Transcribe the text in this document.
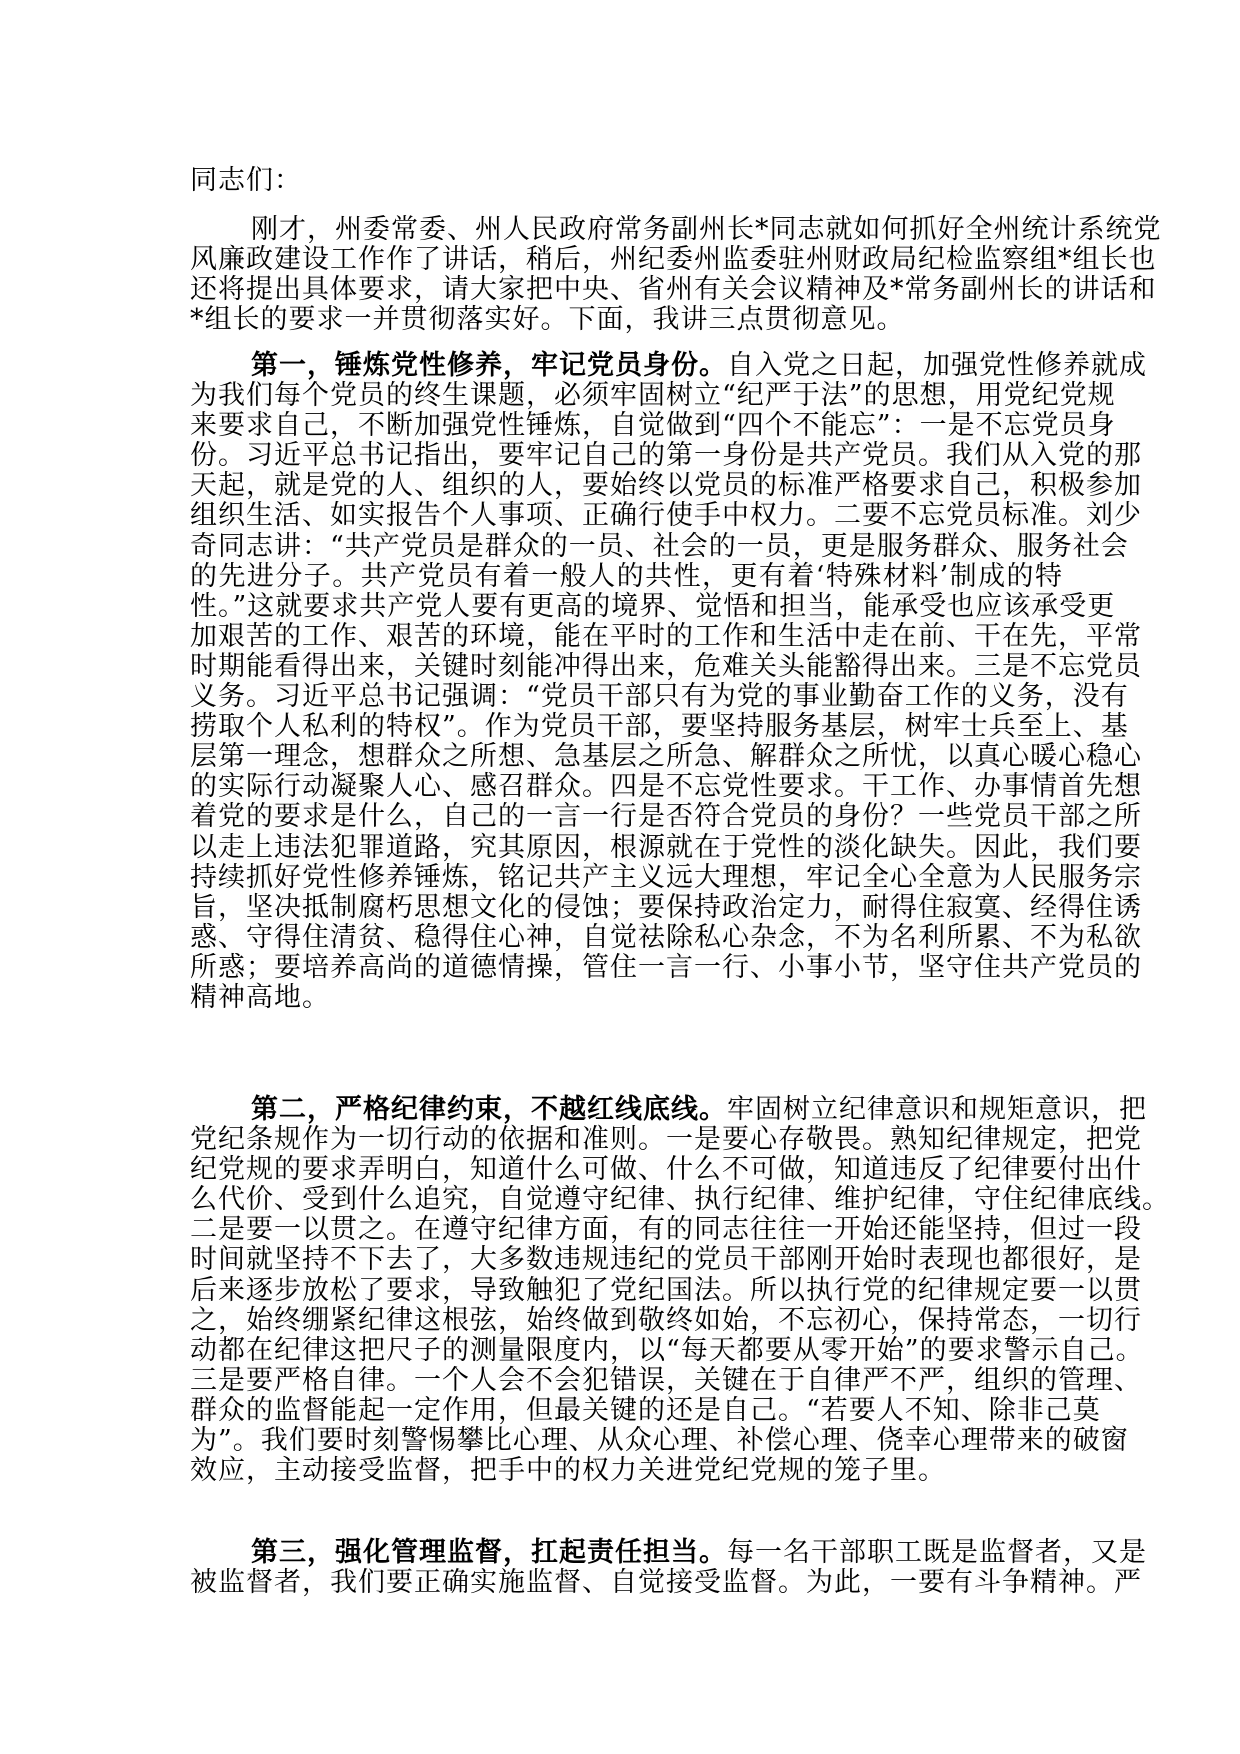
同志们：
刚才，州委常委、州人民政府常务副州长*同志就如何抓好全州统计系统党
风廉政建设工作作了讲话，稍后，州纪委州监委驻州财政局纪检监察组*组长也
还将提出具体要求，请大家把中央、省州有关会议精神及*常务副州长的讲话和
*组长的要求一并贯彻落实好。下面，我讲三点贯彻意见。
第一，锤炼党性修养，牢记党员身份。自入党之日起，加强党性修养就成
为我们每个党员的终生课题，必须牢固树立“纪严于法”的思想，用党纪党规
来要求自己，不断加强党性锤炼，自觉做到“四个不能忘”：一是不忘党员身
份。习近平总书记指出，要牢记自己的第一身份是共产党员。我们从入党的那
天起，就是党的人、组织的人，要始终以党员的标准严格要求自己，积极参加
组织生活、如实报告个人事项、正确行使手中权力。二要不忘党员标准。刘少
奇同志讲：“共产党员是群众的一员、社会的一员，更是服务群众、服务社会
的先进分子。共产党员有着一般人的共性，更有着‘特殊材料’制成的特
性。”这就要求共产党人要有更高的境界、觉悟和担当，能承受也应该承受更
加艰苦的工作、艰苦的环境，能在平时的工作和生活中走在前、干在先，平常
时期能看得出来，关键时刻能冲得出来，危难关头能豁得出来。三是不忘党员
义务。习近平总书记强调：“党员干部只有为党的事业勤奋工作的义务，没有
捞取个人私利的特权”。作为党员干部，要坚持服务基层，树牢士兵至上、基
层第一理念，想群众之所想、急基层之所急、解群众之所忧，以真心暖心稳心
的实际行动凝聚人心、感召群众。四是不忘党性要求。干工作、办事情首先想
着党的要求是什么，自己的一言一行是否符合党员的身份？一些党员干部之所
以走上违法犯罪道路，究其原因，根源就在于党性的淡化缺失。因此，我们要
持续抓好党性修养锤炼，铭记共产主义远大理想，牢记全心全意为人民服务宗
旨，坚决抵制腐朽思想文化的侵蚀；要保持政治定力，耐得住寂寞、经得住诱
惑、守得住清贫、稳得住心神，自觉祛除私心杂念，不为名利所累、不为私欲
所惑；要培养高尚的道德情操，管住一言一行、小事小节，坚守住共产党员的
精神高地。
第二，严格纪律约束，不越红线底线。牢固树立纪律意识和规矩意识，把
党纪条规作为一切行动的依据和准则。一是要心存敬畏。熟知纪律规定，把党
纪党规的要求弄明白，知道什么可做、什么不可做，知道违反了纪律要付出什
么代价、受到什么追究，自觉遵守纪律、执行纪律、维护纪律，守住纪律底线。
二是要一以贯之。在遵守纪律方面，有的同志往往一开始还能坚持，但过一段
时间就坚持不下去了，大多数违规违纪的党员干部刚开始时表现也都很好，是
后来逐步放松了要求，导致触犯了党纪国法。所以执行党的纪律规定要一以贯
之，始终绷紧纪律这根弦，始终做到敬终如始，不忘初心，保持常态，一切行
动都在纪律这把尺子的测量限度内，以“每天都要从零开始”的要求警示自己。
三是要严格自律。一个人会不会犯错误，关键在于自律严不严，组织的管理、
群众的监督能起一定作用，但最关键的还是自己。“若要人不知、除非己莫
为”。我们要时刻警惕攀比心理、从众心理、补偿心理、侥幸心理带来的破窗
效应，主动接受监督，把手中的权力关进党纪党规的笼子里。
第三，强化管理监督，扛起责任担当。每一名干部职工既是监督者，又是
被监督者，我们要正确实施监督、自觉接受监督。为此，一要有斗争精神。严
